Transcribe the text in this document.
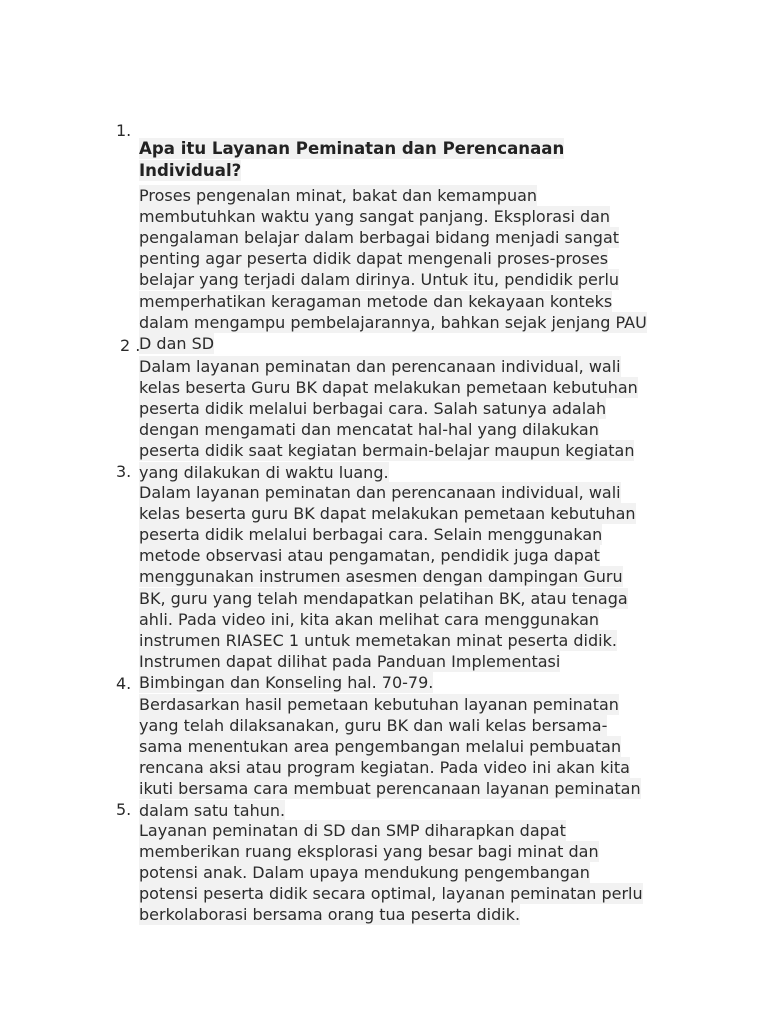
1.

Apa itu Layanan Peminatan dan Perencanaan
Individual?

Proses pengenalan minat, bakat dan kemampuan
membutuhkan waktu yang sangat panjang. Eksplorasi dan
pengalaman belajar dalam berbagai bidang menjadi sangat
penting agar peserta didik dapat mengenali proses-proses
belajar yang terjadi dalam dirinya. Untuk itu, pendidik perlu
memperhatikan keragaman metode dan kekayaan konteks
dalam mengampu pembelajarannya, bahkan sejak jenjang PAU
D dan SD

2 .

Dalam layanan peminatan dan perencanaan individual, wali
kelas beserta Guru BK dapat melakukan pemetaan kebutuhan
peserta didik melalui berbagai cara. Salah satunya adalah
dengan mengamati dan mencatat hal-hal yang dilakukan
peserta didik saat kegiatan bermain-belajar maupun kegiatan
yang dilakukan di waktu luang.

3.

Dalam layanan peminatan dan perencanaan individual, wali
kelas beserta guru BK dapat melakukan pemetaan kebutuhan
peserta didik melalui berbagai cara. Selain menggunakan
metode observasi atau pengamatan, pendidik juga dapat
menggunakan instrumen asesmen dengan dampingan Guru
BK, guru yang telah mendapatkan pelatihan BK, atau tenaga
ahli. Pada video ini, kita akan melihat cara menggunakan
instrumen RIASEC 1 untuk memetakan minat peserta didik.
Instrumen dapat dilihat pada Panduan Implementasi
Bimbingan dan Konseling hal. 70-79.

4.

Berdasarkan hasil pemetaan kebutuhan layanan peminatan
yang telah dilaksanakan, guru BK dan wali kelas bersama-
sama menentukan area pengembangan melalui pembuatan
rencana aksi atau program kegiatan. Pada video ini akan kita
ikuti bersama cara membuat perencanaan layanan peminatan
dalam satu tahun.

5.

Layanan peminatan di SD dan SMP diharapkan dapat
memberikan ruang eksplorasi yang besar bagi minat dan
potensi anak. Dalam upaya mendukung pengembangan
potensi peserta didik secara optimal, layanan peminatan perlu
berkolaborasi bersama orang tua peserta didik.
